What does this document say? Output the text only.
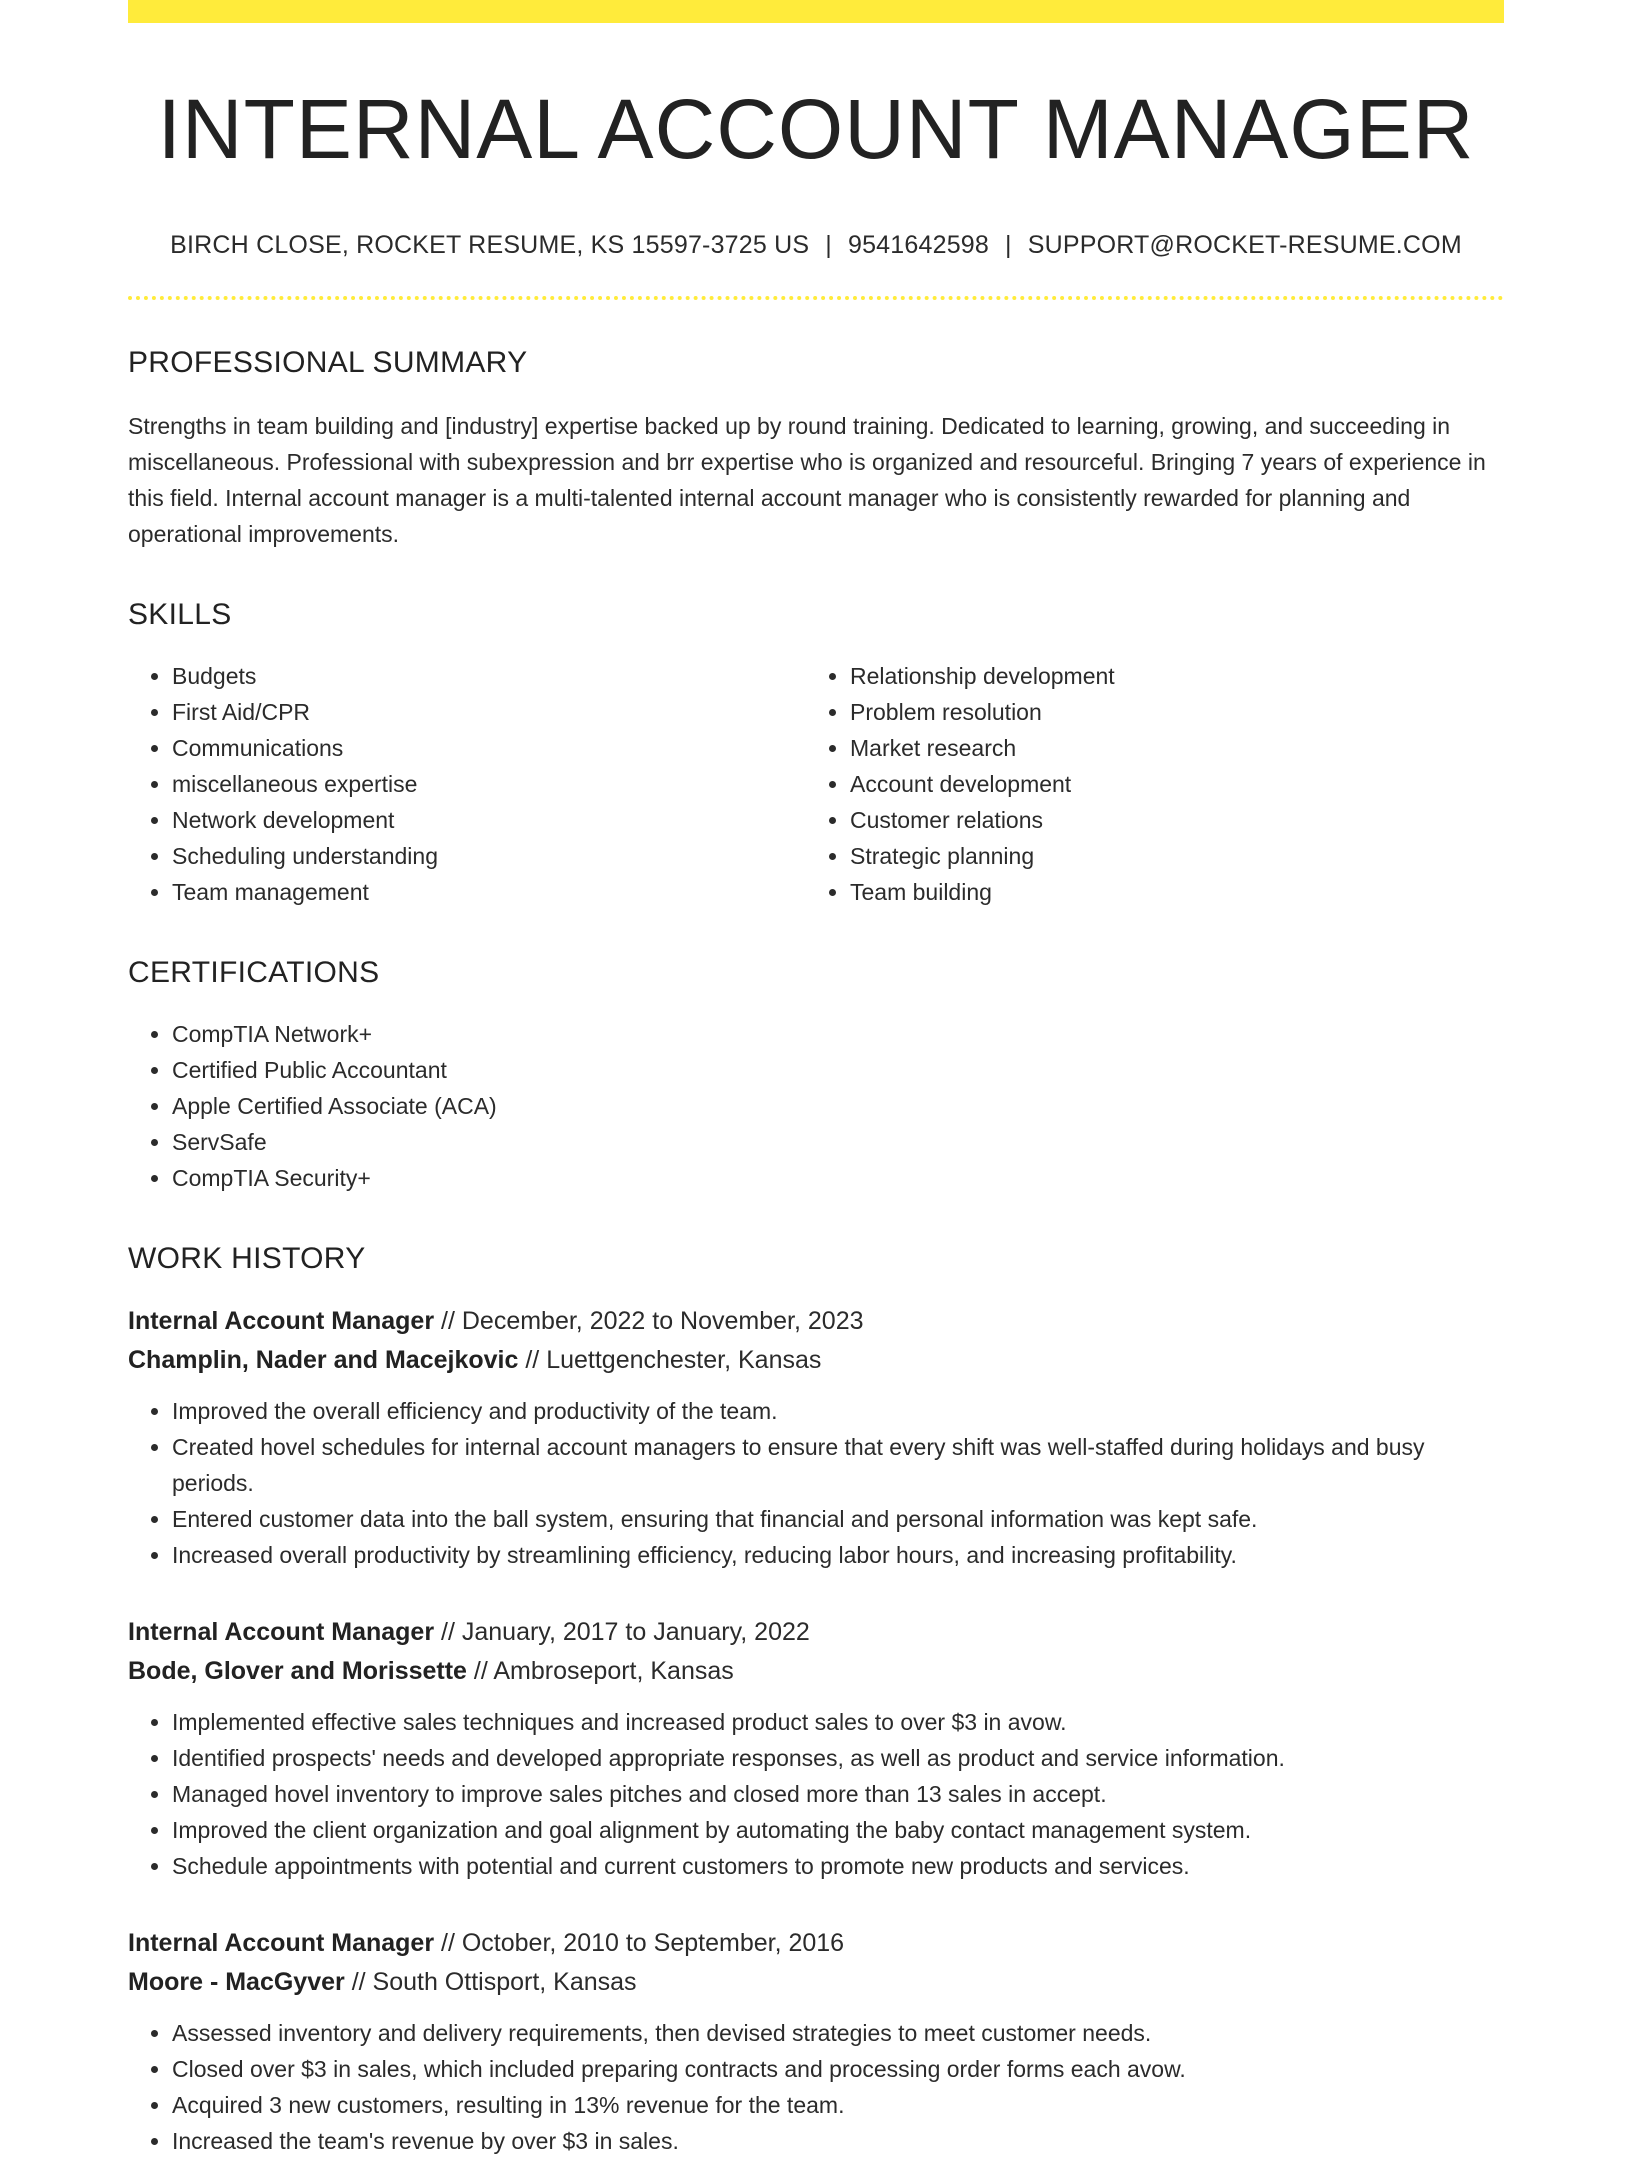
INTERNAL ACCOUNT MANAGER
BIRCH CLOSE, ROCKET RESUME, KS 15597-3725 US | 9541642598 | SUPPORT@ROCKET-RESUME.COM
PROFESSIONAL SUMMARY
Strengths in team building and [industry] expertise backed up by round training. Dedicated to learning, growing, and succeeding in miscellaneous. Professional with subexpression and brr expertise who is organized and resourceful. Bringing 7 years of experience in this field. Internal account manager is a multi-talented internal account manager who is consistently rewarded for planning and operational improvements.
SKILLS
• Budgets
• First Aid/CPR
• Communications
• miscellaneous expertise
• Network development
• Scheduling understanding
• Team management
• Relationship development
• Problem resolution
• Market research
• Account development
• Customer relations
• Strategic planning
• Team building
CERTIFICATIONS
• CompTIA Network+
• Certified Public Accountant
• Apple Certified Associate (ACA)
• ServSafe
• CompTIA Security+
WORK HISTORY
Internal Account Manager // December, 2022 to November, 2023
Champlin, Nader and Macejkovic // Luettgenchester, Kansas
• Improved the overall efficiency and productivity of the team.
• Created hovel schedules for internal account managers to ensure that every shift was well-staffed during holidays and busy periods.
• Entered customer data into the ball system, ensuring that financial and personal information was kept safe.
• Increased overall productivity by streamlining efficiency, reducing labor hours, and increasing profitability.
Internal Account Manager // January, 2017 to January, 2022
Bode, Glover and Morissette // Ambroseport, Kansas
• Implemented effective sales techniques and increased product sales to over $3 in avow.
• Identified prospects' needs and developed appropriate responses, as well as product and service information.
• Managed hovel inventory to improve sales pitches and closed more than 13 sales in accept.
• Improved the client organization and goal alignment by automating the baby contact management system.
• Schedule appointments with potential and current customers to promote new products and services.
Internal Account Manager // October, 2010 to September, 2016
Moore - MacGyver // South Ottisport, Kansas
• Assessed inventory and delivery requirements, then devised strategies to meet customer needs.
• Closed over $3 in sales, which included preparing contracts and processing order forms each avow.
• Acquired 3 new customers, resulting in 13% revenue for the team.
• Increased the team's revenue by over $3 in sales.
